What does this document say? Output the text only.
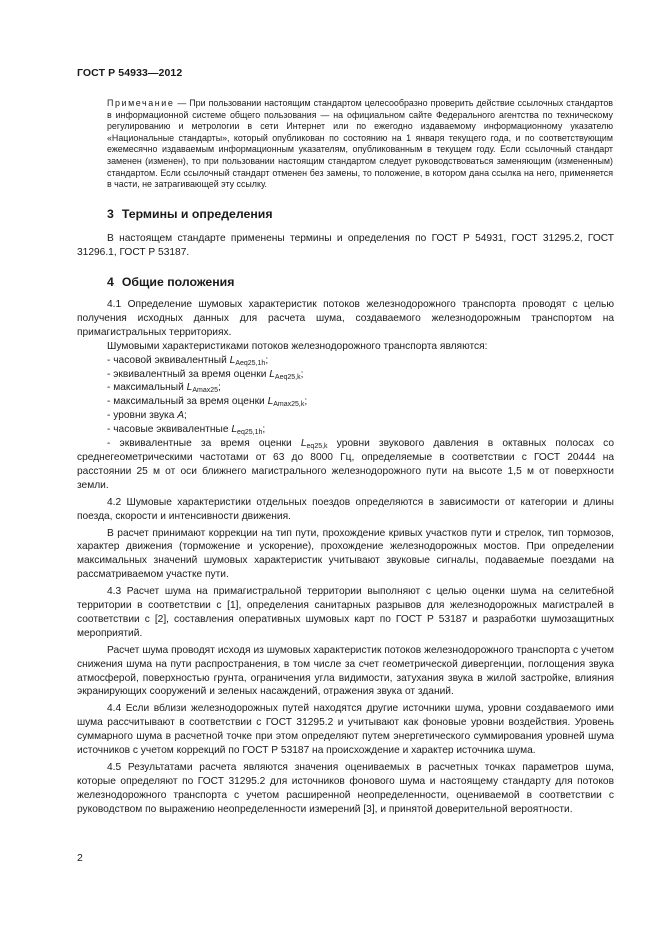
ГОСТ Р 54933—2012
Примечание — При пользовании настоящим стандартом целесообразно проверить действие ссылочных стандартов в информационной системе общего пользования — на официальном сайте Федерального агентства по техническому регулированию и метрологии в сети Интернет или по ежегодно издаваемому информационному указателю «Национальные стандарты», который опубликован по состоянию на 1 января текущего года, и по соответствующим ежемесячно издаваемым информационным указателям, опубликованным в текущем году. Если ссылочный стандарт заменен (изменен), то при пользовании настоящим стандартом следует руководствоваться заменяющим (измененным) стандартом. Если ссылочный стандарт отменен без замены, то положение, в котором дана ссылка на него, применяется в части, не затрагивающей эту ссылку.
3 Термины и определения

В настоящем стандарте применены термины и определения по ГОСТ Р 54931, ГОСТ 31295.2, ГОСТ 31296.1, ГОСТ Р 53187.

4 Общие положения

4.1 Определение шумовых характеристик потоков железнодорожного транспорта проводят с целью получения исходных данных для расчета шума, создаваемого железнодорожным транспортом на примагистральных территориях.

Шумовыми характеристиками потоков железнодорожного транспорта являются:

- часовой эквивалентный $L_{Aeq25,1h}$;

- эквивалентный за время оценки $L_{Aeq25,k}$;

- максимальный $L_{Amax25}$;

- максимальный за время оценки $L_{Amax25,k}$;

- уровни звука A;

- часовые эквивалентные $L_{eq25,1h}$;

- эквивалентные за время оценки $L_{eq25,k}$ уровни звукового давления в октавных полосах со среднегеометрическими частотами от 63 до 8000 Гц, определяемые в соответствии с ГОСТ 20444 на расстоянии 25 м от оси ближнего магистрального железнодорожного пути на высоте 1,5 м от поверхности земли.

4.2 Шумовые характеристики отдельных поездов определяются в зависимости от категории и длины поезда, скорости и интенсивности движения.

В расчет принимают коррекции на тип пути, прохождение кривых участков пути и стрелок, тип тормозов, характер движения (торможение и ускорение), прохождение железнодорожных мостов. При определении максимальных значений шумовых характеристик учитывают звуковые сигналы, подаваемые поездами на рассматриваемом участке пути.

4.3 Расчет шума на примагистральной территории выполняют с целью оценки шума на селитебной территории в соответствии с [1], определения санитарных разрывов для железнодорожных магистралей в соответствии с [2], составления оперативных шумовых карт по ГОСТ Р 53187 и разработки шумозащитных мероприятий.

Расчет шума проводят исходя из шумовых характеристик потоков железнодорожного транспорта с учетом снижения шума на пути распространения, в том числе за счет геометрической дивергенции, поглощения звука атмосферой, поверхностью грунта, ограничения угла видимости, затухания звука в жилой застройке, влияния экранирующих сооружений и зеленых насаждений, отражения звука от зданий.

4.4 Если вблизи железнодорожных путей находятся другие источники шума, уровни создаваемого ими шума рассчитывают в соответствии с ГОСТ 31295.2 и учитывают как фоновые уровни воздействия. Уровень суммарного шума в расчетной точке при этом определяют путем энергетического суммирования уровней шума источников с учетом коррекций по ГОСТ Р 53187 на происхождение и характер источника шума.

4.5 Результатами расчета являются значения оцениваемых в расчетных точках параметров шума, которые определяют по ГОСТ 31295.2 для источников фонового шума и настоящему стандарту для потоков железнодорожного транспорта с учетом расширенной неопределенности, оцениваемой в соответствии с руководством по выражению неопределенности измерений [3], и принятой доверительной вероятности.

2
